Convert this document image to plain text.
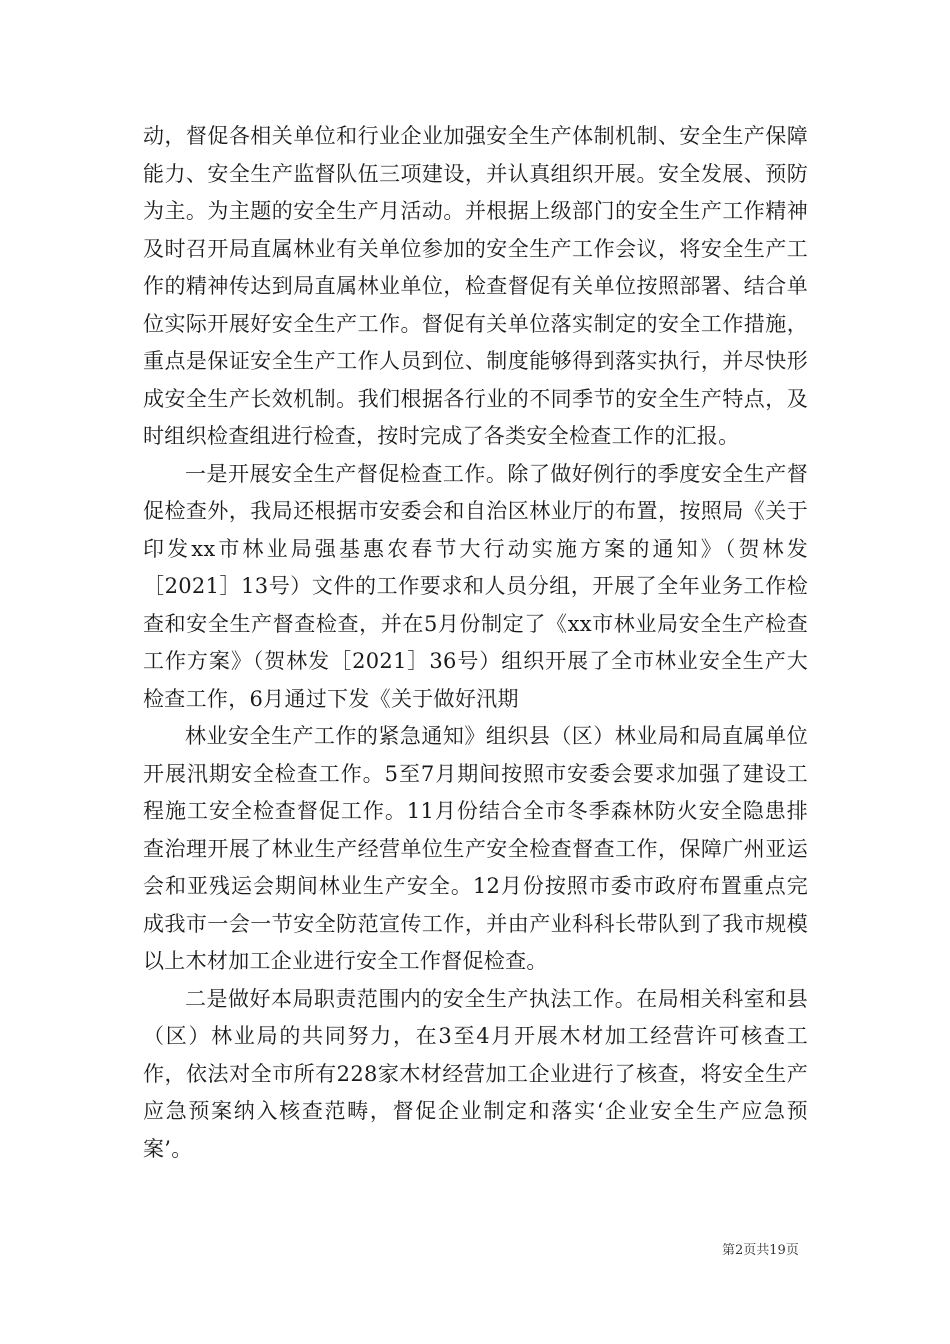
动，督促各相关单位和行业企业加强安全生产体制机制、安全生产保障能力、安全生产监督队伍三项建设，并认真组织开展。安全发展、预防为主。为主题的安全生产月活动。并根据上级部门的安全生产工作精神及时召开局直属林业有关单位参加的安全生产工作会议，将安全生产工作的精神传达到局直属林业单位，检查督促有关单位按照部署、结合单位实际开展好安全生产工作。督促有关单位落实制定的安全工作措施，重点是保证安全生产工作人员到位、制度能够得到落实执行，并尽快形成安全生产长效机制。我们根据各行业的不同季节的安全生产特点，及时组织检查组进行检查，按时完成了各类安全检查工作的汇报。

一是开展安全生产督促检查工作。除了做好例行的季度安全生产督促检查外，我局还根据市安委会和自治区林业厅的布置，按照局《关于印发xx市林业局强基惠农春节大行动实施方案的通知》（贺林发［2021］13号）文件的工作要求和人员分组，开展了全年业务工作检查和安全生产督查检查，并在5月份制定了《xx市林业局安全生产检查工作方案》（贺林发［2021］36号）组织开展了全市林业安全生产大检查工作，6月通过下发《关于做好汛期

林业安全生产工作的紧急通知》组织县（区）林业局和局直属单位开展汛期安全检查工作。5至7月期间按照市安委会要求加强了建设工程施工安全检查督促工作。11月份结合全市冬季森林防火安全隐患排查治理开展了林业生产经营单位生产安全检查督查工作，保障广州亚运会和亚残运会期间林业生产安全。12月份按照市委市政府布置重点完成我市一会一节安全防范宣传工作，并由产业科科长带队到了我市规模以上木材加工企业进行安全工作督促检查。

二是做好本局职责范围内的安全生产执法工作。在局相关科室和县（区）林业局的共同努力，在3至4月开展木材加工经营许可核查工作，依法对全市所有228家木材经营加工企业进行了核查，将安全生产应急预案纳入核查范畴，督促企业制定和落实‘企业安全生产应急预案’。

第2页共19页
